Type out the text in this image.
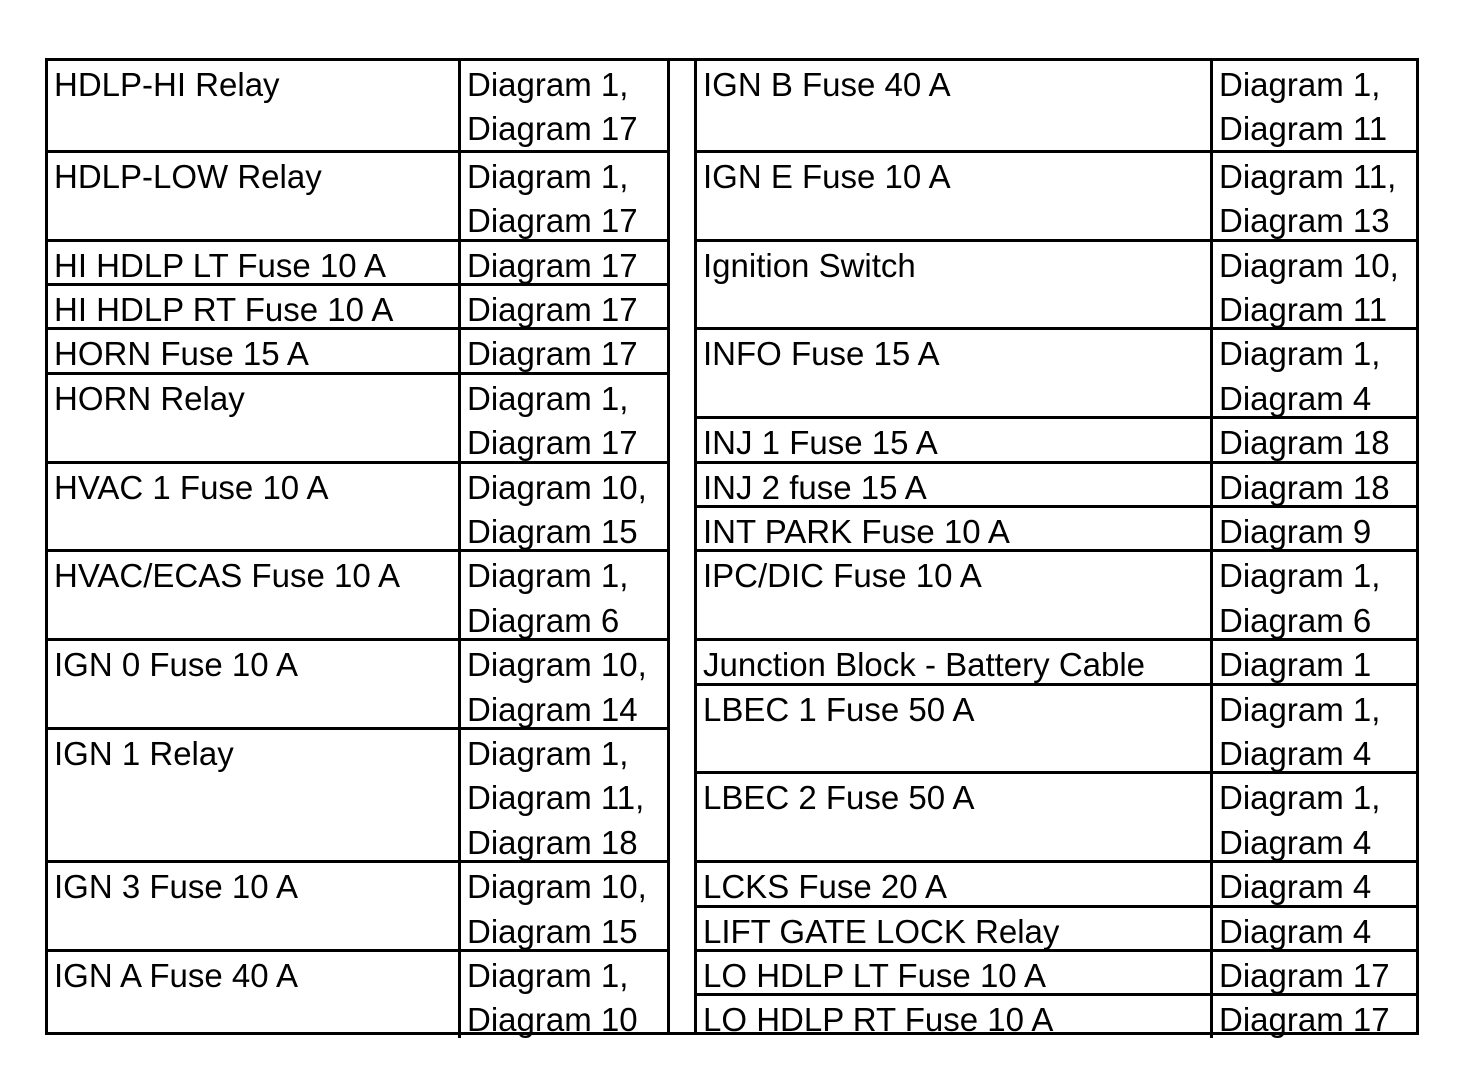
HDLP-HI Relay	Diagram 1,
Diagram 17
HDLP-LOW Relay	Diagram 1,
Diagram 17
HI HDLP LT Fuse 10 A	Diagram 17
HI HDLP RT Fuse 10 A	Diagram 17
HORN Fuse 15 A	Diagram 17
HORN Relay	Diagram 1,
Diagram 17
HVAC 1 Fuse 10 A	Diagram 10,
Diagram 15
HVAC/ECAS Fuse 10 A	Diagram 1,
Diagram 6
IGN 0 Fuse 10 A	Diagram 10,
Diagram 14
IGN 1 Relay	Diagram 1,
Diagram 11,
Diagram 18
IGN 3 Fuse 10 A	Diagram 10,
Diagram 15
IGN A Fuse 40 A	Diagram 1,
Diagram 10
IGN B Fuse 40 A	Diagram 1,
Diagram 11
IGN E Fuse 10 A	Diagram 11,
Diagram 13
Ignition Switch	Diagram 10,
Diagram 11
INFO Fuse 15 A	Diagram 1,
Diagram 4
INJ 1 Fuse 15 A	Diagram 18
INJ 2 fuse 15 A	Diagram 18
INT PARK Fuse 10 A	Diagram 9
IPC/DIC Fuse 10 A	Diagram 1,
Diagram 6
Junction Block - Battery Cable	Diagram 1
LBEC 1 Fuse 50 A	Diagram 1,
Diagram 4
LBEC 2 Fuse 50 A	Diagram 1,
Diagram 4
LCKS Fuse 20 A	Diagram 4
LIFT GATE LOCK Relay	Diagram 4
LO HDLP LT Fuse 10 A	Diagram 17
LO HDLP RT Fuse 10 A	Diagram 17
